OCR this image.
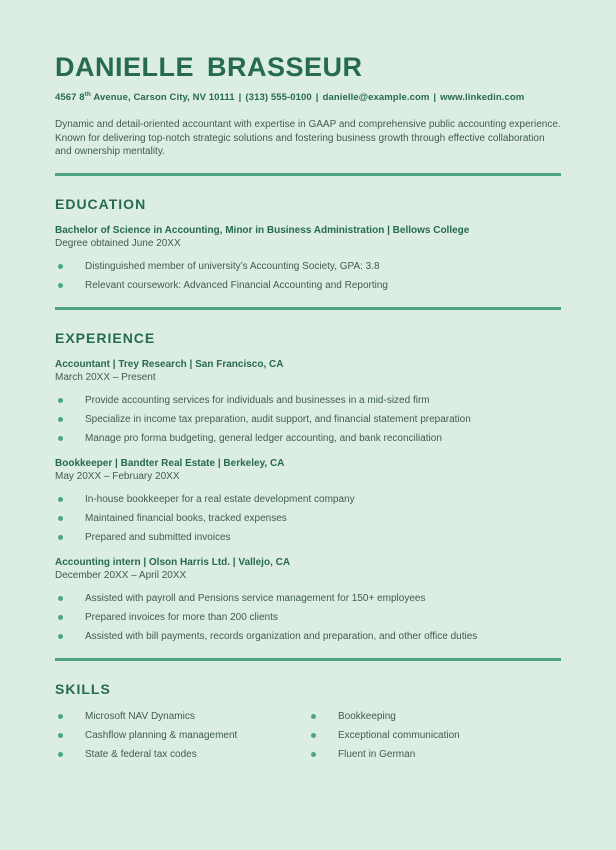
DANIELLE BRASSEUR
4567 8th Avenue, Carson City, NV 10111 | (313) 555-0100 | danielle@example.com | www.linkedin.com

Dynamic and detail-oriented accountant with expertise in GAAP and comprehensive public accounting experience. Known for delivering top-notch strategic solutions and fostering business growth through effective collaboration and ownership mentality.

EDUCATION
Bachelor of Science in Accounting, Minor in Business Administration | Bellows College
Degree obtained June 20XX
Distinguished member of university’s Accounting Society, GPA: 3.8
Relevant coursework: Advanced Financial Accounting and Reporting
EXPERIENCE
Accountant | Trey Research | San Francisco, CA
March 20XX – Present
Provide accounting services for individuals and businesses in a mid-sized firm
Specialize in income tax preparation, audit support, and financial statement preparation
Manage pro forma budgeting, general ledger accounting, and bank reconciliation
Bookkeeper | Bandter Real Estate | Berkeley, CA
May 20XX – February 20XX
In-house bookkeeper for a real estate development company
Maintained financial books, tracked expenses
Prepared and submitted invoices
Accounting intern | Olson Harris Ltd. | Vallejo, CA
December 20XX – April 20XX
Assisted with payroll and Pensions service management for 150+ employees
Prepared invoices for more than 200 clients
Assisted with bill payments, records organization and preparation, and other office duties
SKILLS
Microsoft NAV Dynamics
Cashflow planning & management
State & federal tax codes
Bookkeeping
Exceptional communication
Fluent in German
